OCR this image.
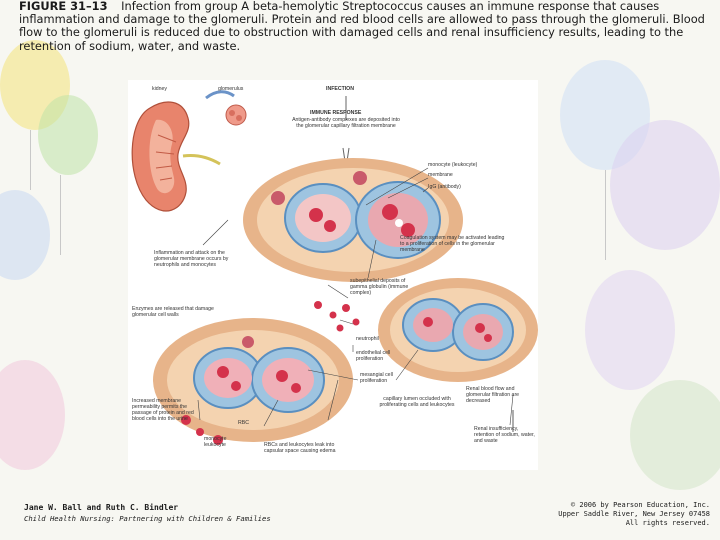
FIGURE 31–13 Infection from group A beta-hemolytic Streptococcus causes an immune response that causes inflammation and damage to the glomeruli. Protein and red blood cells are allowed to pass through the glomeruli. Blood flow to the glomeruli is reduced due to obstruction with damaged cells and renal insufficiency results, leading to the retention of sodium, water, and waste.
kidney	glomerulus	INFECTION
IMMUNE RESPONSE
Antigen-antibody complexes are deposited into the glomerular capillary filtration membrane
monocyte (leukocyte)
membrane
IgG (antibody)
Coagulation system may be activated leading to a proliferation of cells in the glomerular membrane
Inflammation and attack on the glomerular membrane occurs by neutrophils and monocytes
subepithelial deposits of gamma globulin (immune complex)
Enzymes are released that damage glomerular cell walls
neutrophil
endothelial cell proliferation
mesangial cell proliferation
Renal blood flow and glomerular filtration are decreased
capillary lumen occluded with proliferating cells and leukocytes
Increased membrane permeability permits the passage of protein and red blood cells into the urine
RBC
monocyte leukocyte	RBCs and leukocytes leak into capsular space causing edema
Renal insufficiency, retention of sodium, water, and waste
Jane W. Ball and Ruth C. Bindler
Child Health Nursing: Partnering with Children & Families
© 2006 by Pearson Education, Inc.
Upper Saddle River, New Jersey 07458
All rights reserved.
